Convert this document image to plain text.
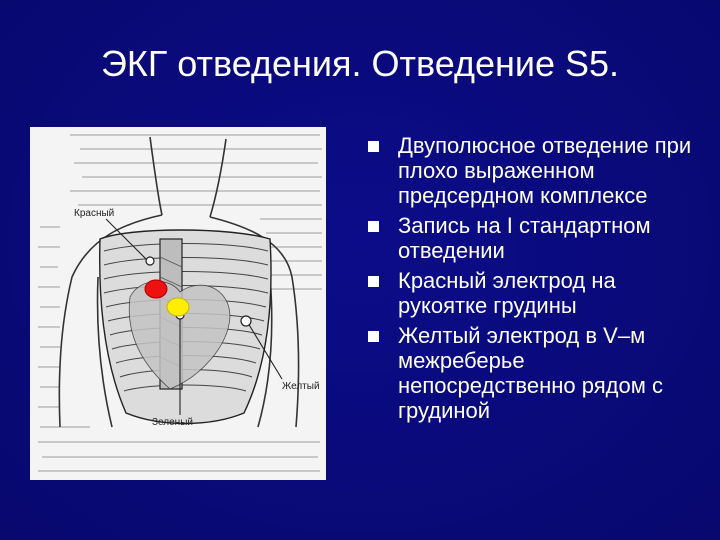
ЭКГ отведения. Отведение S5.
Красный
Желтый
Зеленый
Двуполюсное отведение при плохо выраженном предсердном комплексе
Запись на I стандартном отведении
Красный электрод на рукоятке грудины
Желтый электрод в V–м межреберье непосредственно рядом с грудиной
